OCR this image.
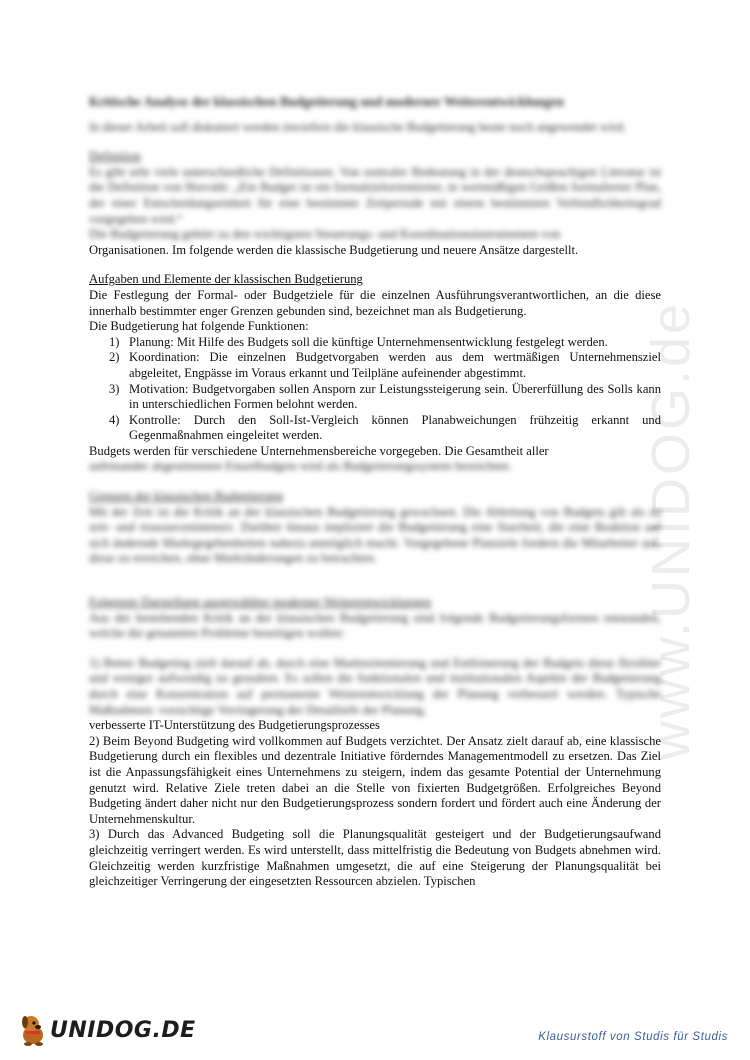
www.UNIDOG.de
Kritische Analyse der klassischen Budgetierung und moderner Weiterentwicklungen

In dieser Arbeit soll diskutiert werden inwiefern die klassische Budgetierung heute noch angewendet wird.

Definition

Es gibt sehr viele unterschiedliche Definitionen. Von zentraler Bedeutung in der deutschsprachigen Literatur ist die Definition von Horváth: „Ein Budget ist ein formalzielorientierter, in wertmäßigen Größen formulierter Plan, der einer Entscheidungseinheit für eine bestimmte Zeitperiode mit einem bestimmten Verbindlichkeitsgrad vorgegeben wird.“

Die Budgetierung gehört zu den wichtigsten Steuerungs- und Koordinationsinstrumenten von

Organisationen. Im folgende werden die klassische Budgetierung und neuere Ansätze dargestellt.

Aufgaben und Elemente der klassischen Budgetierung

Die Festlegung der Formal- oder Budgetziele für die einzelnen Ausführungsverantwortlichen, an die diese innerhalb bestimmter enger Grenzen gebunden sind, bezeichnet man als Budgetierung.

Die Budgetierung hat folgende Funktionen:

1) Planung: Mit Hilfe des Budgets soll die künftige Unternehmensentwicklung festgelegt werden.
2) Koordination: Die einzelnen Budgetvorgaben werden aus dem wertmäßigen Unternehmensziel abgeleitet, Engpässe im Voraus erkannt und Teilpläne aufeinender abgestimmt.
3) Motivation: Budgetvorgaben sollen Ansporn zur Leistungssteigerung sein. Übererfüllung des Solls kann in unterschiedlichen Formen belohnt werden.
4) Kontrolle: Durch den Soll-Ist-Vergleich können Planabweichungen frühzeitig erkannt und Gegenmaßnahmen eingeleitet werden.

Budgets werden für verschiedene Unternehmensbereiche vorgegeben. Die Gesamtheit aller

aufeinander abgestimmten Einzelbudgets wird als Budgetierungssystem bezeichnet.

Grenzen der klassischen Budgetierung

Mit der Zeit ist die Kritik an der klassischen Budgetierung gewachsen. Die Ableitung von Budgets gilt als zu zeit- und ressourcenintensiv. Darüber hinaus impliziert die Budgetierung eine Starrheit, die eine Reaktion auf sich ändernde Marktgegebenheiten nahezu unmöglich macht. Vorgegebene Planziele fordern die Mitarbeiter auf, diese zu erreichen, ohne Marktänderungen zu betrachten.

Folgenste Darstellung ausgewählter moderner Weiterentwicklungen

Aus der bestehenden Kritik an der klassischen Budgetierung sind folgende Budgetierungsformen entstanden, welche die genannten Probleme beseitigen wollen:

1) Better Budgeting zielt darauf ab, durch eine Marktorientierung und Entfeinerung der Budgets diese flexibler und weniger aufwendig zu gestalten. Es sollen die funktionalen und institutionalen Aspekte der Budgetierung durch eine Konzentration auf permanente Weiterentwicklung der Planung verbessert werden. Typische Maßnahmen: vorsichtige Verringerung der Detailtiefe der Planung,

verbesserte IT-Unterstützung des Budgetierungsprozesses

2) Beim Beyond Budgeting wird vollkommen auf Budgets verzichtet. Der Ansatz zielt darauf ab, eine klassische Budgetierung durch ein flexibles und dezentrale Initiative förderndes Managementmodell zu ersetzen. Das Ziel ist die Anpassungsfähigkeit eines Unternehmens zu steigern, indem das gesamte Potential der Unternehmung genutzt wird. Relative Ziele treten dabei an die Stelle von fixierten Budgetgrößen. Erfolgreiches Beyond Budgeting ändert daher nicht nur den Budgetierungsprozess sondern fordert und fördert auch eine Änderung der Unternehmenskultur.

3) Durch das Advanced Budgeting soll die Planungsqualität gesteigert und der Budgetierungsaufwand gleichzeitig verringert werden. Es wird unterstellt, dass mittelfristig die Bedeutung von Budgets abnehmen wird. Gleichzeitig werden kurzfristige Maßnahmen umgesetzt, die auf eine Steigerung der Planungsqualität bei gleichzeitiger Verringerung der eingesetzten Ressourcen abzielen. Typischen

UNIDOG.DE	Klausurstoff von Studis für Studis
